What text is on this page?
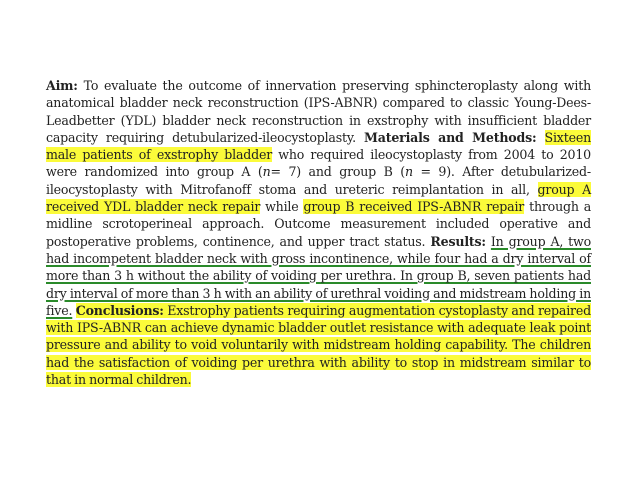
Aim: To evaluate the outcome of innervation preserving sphincteroplasty along with anatomical bladder neck reconstruction (IPS-ABNR) compared to classic Young-Dees-Leadbetter (YDL) bladder neck reconstruction in exstrophy with insufficient bladder capacity requiring detubularized-ileocystoplasty. Materials and Methods: Sixteen male patients of exstrophy bladder who required ileocystoplasty from 2004 to 2010 were randomized into group A (n= 7) and group B (n = 9). After detubularized-ileocystoplasty with Mitrofanoff stoma and ureteric reimplantation in all, group A received YDL bladder neck repair while group B received IPS-ABNR repair through a midline scrotoperineal approach. Outcome measurement included operative and postoperative problems, continence, and upper tract status. Results: In group A, two had incompetent bladder neck with gross incontinence, while four had a dry interval of more than 3 h without the ability of voiding per urethra. In group B, seven patients had dry interval of more than 3 h with an ability of urethral voiding and midstream holding in five. Conclusions: Exstrophy patients requiring augmentation cystoplasty and repaired with IPS-ABNR can achieve dynamic bladder outlet resistance with adequate leak point pressure and ability to void voluntarily with midstream holding capability. The children had the satisfaction of voiding per urethra with ability to stop in midstream similar to that in normal children.
